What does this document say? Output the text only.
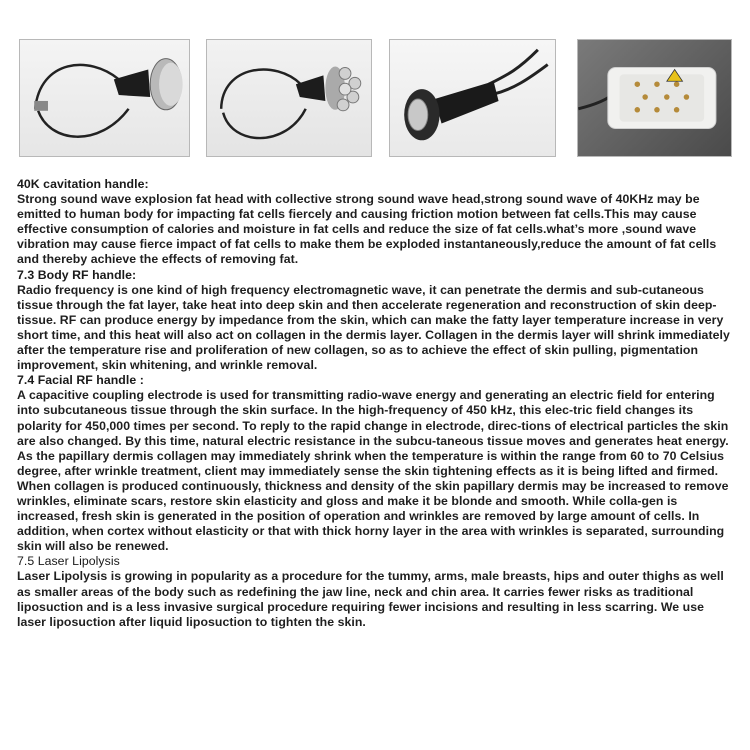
40K cavitation handle:

Strong sound wave explosion fat head with collective strong sound wave head,strong sound wave of 40KHz may be emitted to human body for impacting fat cells fiercely and causing friction motion between fat cells.This may cause effective consumption of calories and moisture in fat cells and reduce the size of fat cells.what’s more ,sound wave vibration may cause fierce impact of fat cells to make them be exploded instantaneously,reduce the amount of fat cells and thereby achieve the effects of removing fat.

7.3 Body RF handle:

Radio frequency is one kind of high frequency electromagnetic wave, it can penetrate the dermis and sub-cutaneous tissue through the fat layer, take heat into deep skin and then accelerate regeneration and reconstruction of skin deep-tissue. RF can produce energy by impedance from the skin, which can make the fatty layer temperature increase in very short time, and this heat will also act on collagen in the dermis layer. Collagen in the dermis layer will shrink immediately after the temperature rise and proliferation of new collagen, so as to achieve the effect of skin pulling, pigmentation improvement, skin whitening, and wrinkle removal.

7.4 Facial RF handle :

A capacitive coupling electrode is used for transmitting radio-wave energy and generating an electric field for entering into subcutaneous tissue through the skin surface. In the high-frequency of 450 kHz, this elec-tric field changes its polarity for 450,000 times per second. To reply to the rapid change in electrode, direc-tions of electrical particles the skin are also changed. By this time, natural electric resistance in the subcu-taneous tissue moves and generates heat energy. As the papillary dermis collagen may immediately shrink when the temperature is within the range from 60 to 70 Celsius degree, after wrinkle treatment, client may immediately sense the skin tightening effects as it is being lifted and firmed. When collagen is produced continuously, thickness and density of the skin papillary dermis may be increased to remove wrinkles, eliminate scars, restore skin elasticity and gloss and make it be blonde and smooth. While colla-gen is increased, fresh skin is generated in the position of operation and wrinkles are removed by large amount of cells. In addition, when cortex without elasticity or that with thick horny layer in the area with wrinkles is separated, surrounding skin will also be renewed.

7.5 Laser Lipolysis

Laser Lipolysis is growing in popularity as a procedure for the tummy, arms, male breasts, hips and outer thighs as well as smaller areas of the body such as redefining the jaw line, neck and chin area. It carries fewer risks as traditional liposuction and is a less invasive surgical procedure requiring fewer incisions and resulting in less scarring. We use laser liposuction after liquid liposuction to tighten the skin.
